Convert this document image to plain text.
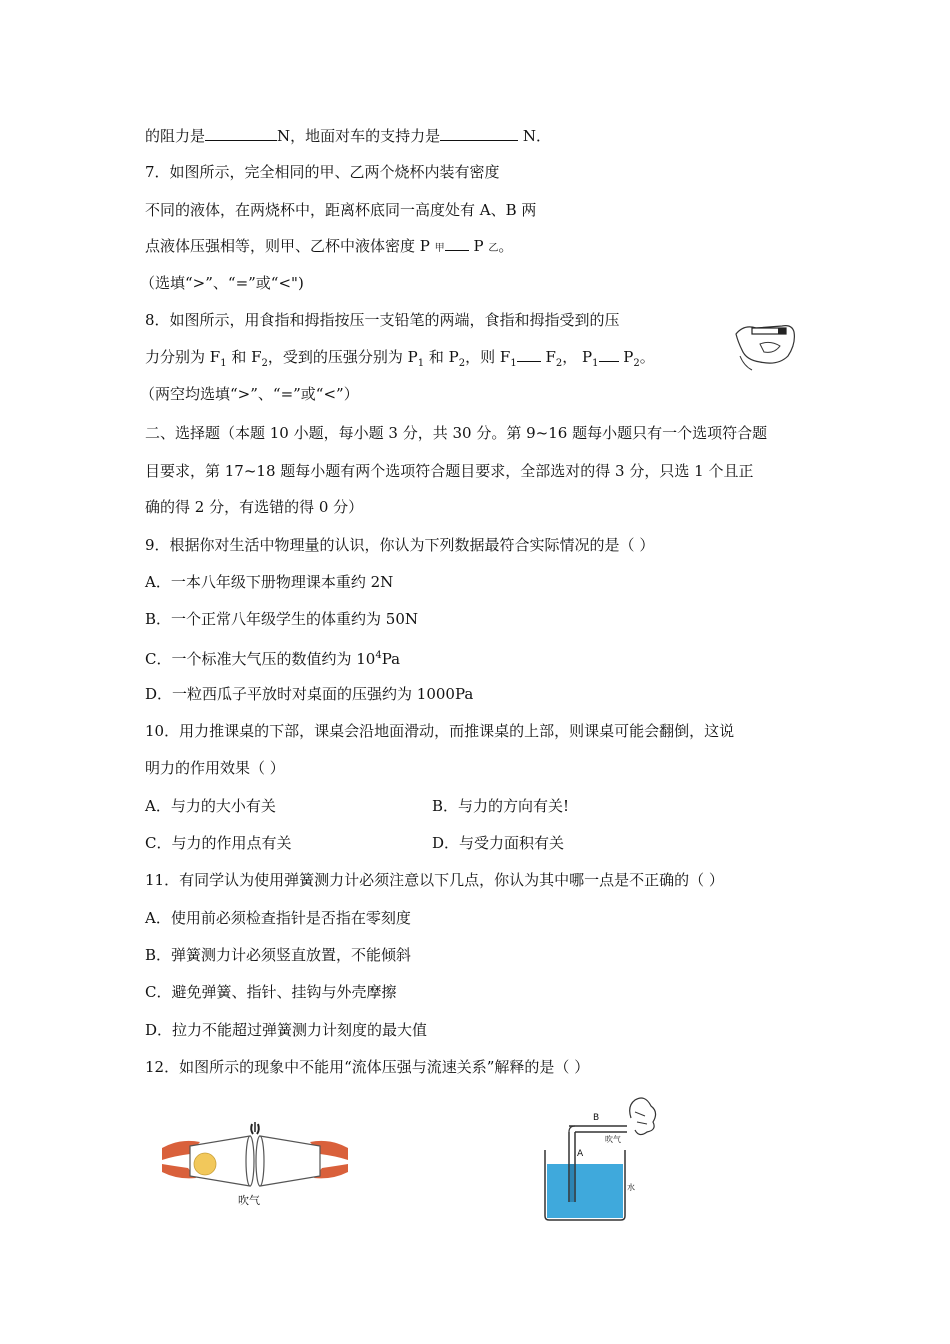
的阻力是	N，地面对车的支持力是	N．
7．如图所示，完全相同的甲、乙两个烧杯内装有密度
不同的液体，在两烧杯中，距离杯底同一高度处有 A、B 两
点液体压强相等，则甲、乙杯中液体密度 P 甲 P 乙。
（选填“>”、“=”或“<")
8．如图所示，用食指和拇指按压一支铅笔的两端，食指和拇指受到的压
力分别为 $F_1$ 和 $F_2$，受到的压强分别为 $P_1$ 和 $P_2$，则 $F_1$ $F_2$， $P_1$ $P_2$。
（两空均选填“>”、“=”或“<”）
二、选择题（本题 10 小题，每小题 3 分，共 30 分。第 9~16 题每小题只有一个选项符合题
目要求，第 17~18 题每小题有两个选项符合题目要求，全部选对的得 3 分，只选 1 个且正
确的得 2 分，有选错的得 0 分）
9．根据你对生活中物理量的认识，你认为下列数据最符合实际情况的是（ ）
A．一本八年级下册物理课本重约 2N
B．一个正常八年级学生的体重约为 50N
C．一个标准大气压的数值约为 $10^4Pa$
D．一粒西瓜子平放时对桌面的压强约为 1000Pa
10．用力推课桌的下部，课桌会沿地面滑动，而推课桌的上部，则课桌可能会翻倒，这说
明力的作用效果（ ）
A．与力的大小有关	B．与力的方向有关!
C．与力的作用点有关	D．与受力面积有关
11．有同学认为使用弹簧测力计必须注意以下几点，你认为其中哪一点是不正确的（ ）
A．使用前必须检查指针是否指在零刻度
B．弹簧测力计必须竖直放置，不能倾斜
C．避免弹簧、指针、挂钩与外壳摩擦
D．拉力不能超过弹簧测力计刻度的最大值
12．如图所示的现象中不能用“流体压强与流速关系”解释的是（ ）
吹气
B
A
吹气
水
